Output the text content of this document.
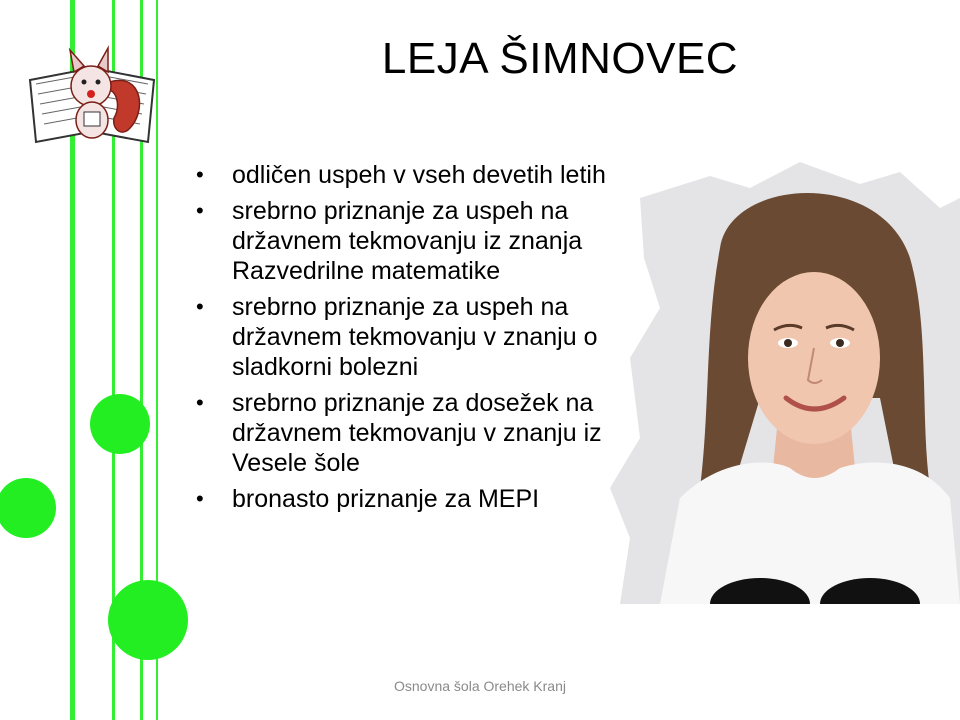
LEJA ŠIMNOVEC
• odličen uspeh v vseh devetih letih
• srebrno priznanje za uspeh na državnem tekmovanju iz znanja Razvedrilne matematike
• srebrno priznanje za uspeh na državnem tekmovanju v znanju o sladkorni bolezni
• srebrno priznanje za dosežek na državnem tekmovanju v znanju iz Vesele šole
• bronasto priznanje za MEPI
Osnovna šola Orehek Kranj
